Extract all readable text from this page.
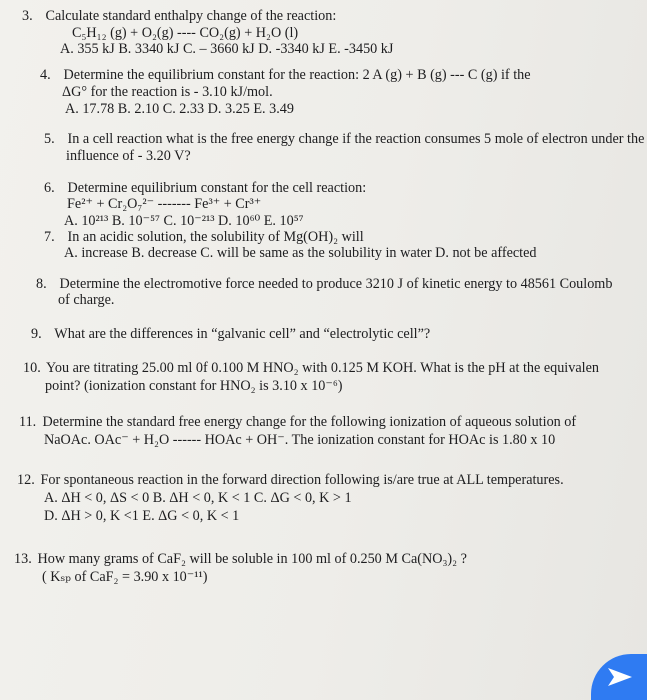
3. Calculate standard enthalpy change of the reaction:
C₅H₁₂ (g) + O₂(g) ---- CO₂(g) + H₂O (l)
A. 355 kJ B. 3340 kJ C. – 3660 kJ D. -3340 kJ E. -3450 kJ
4. Determine the equilibrium constant for the reaction: 2 A (g) + B (g) --- C (g) if the
ΔG° for the reaction is - 3.10 kJ/mol.
A. 17.78 B. 2.10 C. 2.33 D. 3.25 E. 3.49
5. In a cell reaction what is the free energy change if the reaction consumes 5 mole of electron under the
influence of - 3.20 V?
6. Determine equilibrium constant for the cell reaction:
Fe²⁺ + Cr₂O₇²⁻ ------- Fe³⁺ + Cr³⁺
A. 10²¹³ B. 10⁻⁵⁷ C. 10⁻²¹³ D. 10⁶⁰ E. 10⁵⁷
7. In an acidic solution, the solubility of Mg(OH)₂ will
A. increase B. decrease C. will be same as the solubility in water D. not be affected
8. Determine the electromotive force needed to produce 3210 J of kinetic energy to 48561 Coulomb
of charge.
9. What are the differences in “galvanic cell” and “electrolytic cell”?
10. You are titrating 25.00 ml 0f 0.100 M HNO₂ with 0.125 M KOH. What is the pH at the equivalen
point? (ionization constant for HNO₂ is 3.10 x 10⁻⁶)
11. Determine the standard free energy change for the following ionization of aqueous solution of
NaOAc. OAc⁻ + H₂O ------ HOAc + OH⁻. The ionization constant for HOAc is 1.80 x 10
12. For spontaneous reaction in the forward direction following is/are true at ALL temperatures.
A. ΔH < 0, ΔS < 0 B. ΔH < 0, K < 1 C. ΔG < 0, K > 1
D. ΔH > 0, K <1 E. ΔG < 0, K < 1
13. How many grams of CaF₂ will be soluble in 100 ml of 0.250 M Ca(NO₃)₂ ?
( Kₛₚ of CaF₂ = 3.90 x 10⁻¹¹)
